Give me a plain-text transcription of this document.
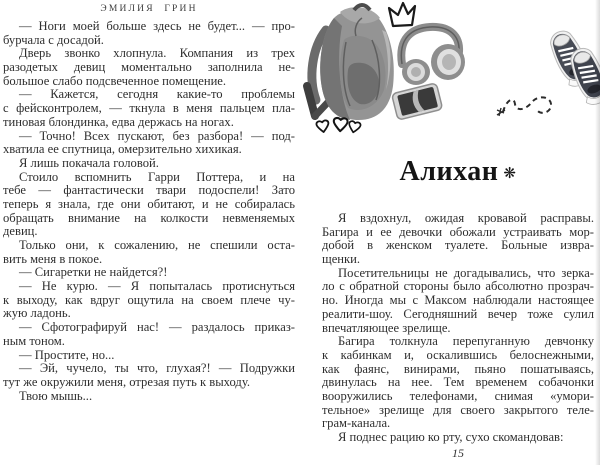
ЭМИЛИЯ ГРИН
— Ноги моей больше здесь не будет... — про-
бурчала с досадой.
Дверь звонко хлопнула. Компания из трех
разодетых девиц моментально заполнила не-
большое слабо подсвеченное помещение.
— Кажется, сегодня какие-то проблемы
с фейсконтролем, — ткнула в меня пальцем пла-
тиновая блондинка, едва держась на ногах.
— Точно! Всех пускают, без разбора! — под-
хватила ее спутница, омерзительно хихикая.
Я лишь покачала головой.
Стоило вспомнить Гарри Поттера, и на
тебе — фантастически твари подоспели! Зато
теперь я знала, где они обитают, и не собиралась
обращать внимание на колкости невменяемых
девиц.
Только они, к сожалению, не спешили оста-
вить меня в покое.
— Сигаретки не найдется?!
— Не курю. — Я попыталась протиснуться
к выходу, как вдруг ощутила на своем плече чу-
жую ладонь.
— Сфотографируй нас! — раздалось приказ-
ным тоном.
— Простите, но...
— Эй, чучело, ты что, глухая?! — Подружки
тут же окружили меня, отрезая путь к выходу.
Твою мышь...
Алихан ❋
Я вздохнул, ожидая кровавой расправы.
Багира и ее девочки обожали устраивать мор-
добой в женском туалете. Больные извра-
щенки.
Посетительницы не догадывались, что зерка-
ло с обратной стороны было абсолютно прозрач-
но. Иногда мы с Максом наблюдали настоящее
реалити-шоу. Сегодняшний вечер тоже сулил
впечатляющее зрелище.
Багира толкнула перепуганную девчонку
к кабинкам и, оскалившись белоснежными,
как фаянс, винирами, пьяно пошатываясь,
двинулась на нее. Тем временем собачонки
вооружились телефонами, снимая «умори-
тельное» зрелище для своего закрытого теле-
грам-канала.
Я поднес рацию ко рту, сухо скомандовав:
15
